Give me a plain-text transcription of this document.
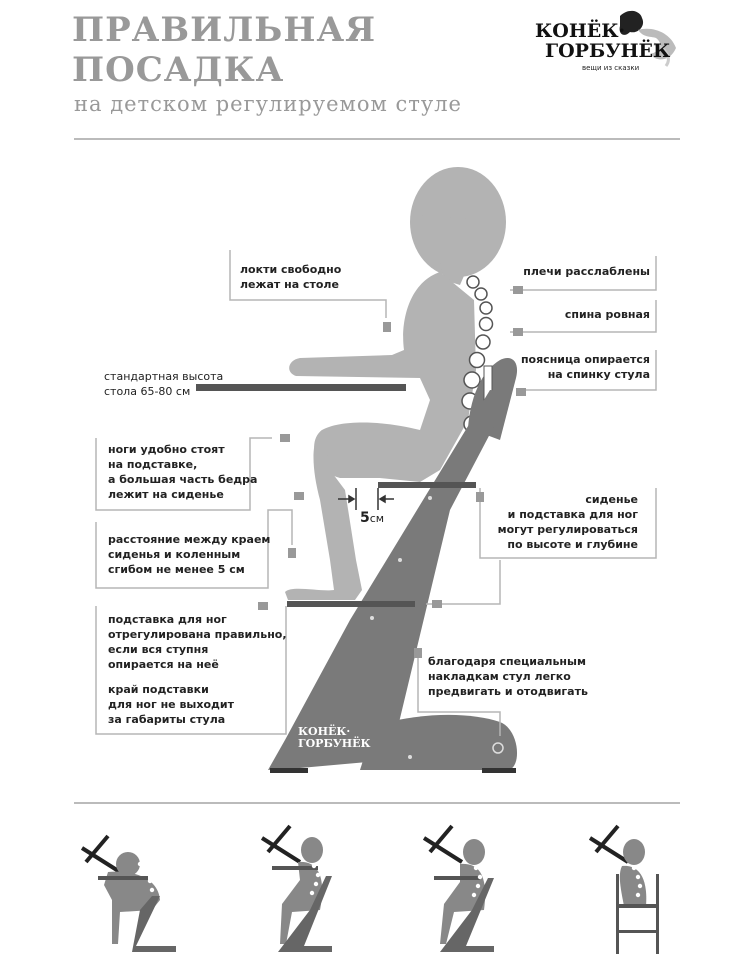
ПРАВИЛЬНАЯ
ПОСАДКА
на детском регулируемом стуле
КОНЁК·
ГОРБУНЁК
вещи из сказки
КОНЁК·
ГОРБУНЁК
локти свободно
лежат на столе
плечи расслаблены
спина ровная
поясница опирается
на спинку стула
стандартная высота
стола 65-80 см
ноги удобно стоят
на подставке,
а большая часть бедра
лежит на сиденье	сиденье
и подставка для ног
могут регулироваться
по высоте и глубине
расстояние между краем
сиденья и коленным
сгибом не менее 5 см
подставка для ног
отрегулирована правильно,
если вся ступня
опирается на неё
край подставки
для ног не выходит
за габариты стула
благодаря специальным
накладкам стул легко
предвигать и отодвигать
5см
